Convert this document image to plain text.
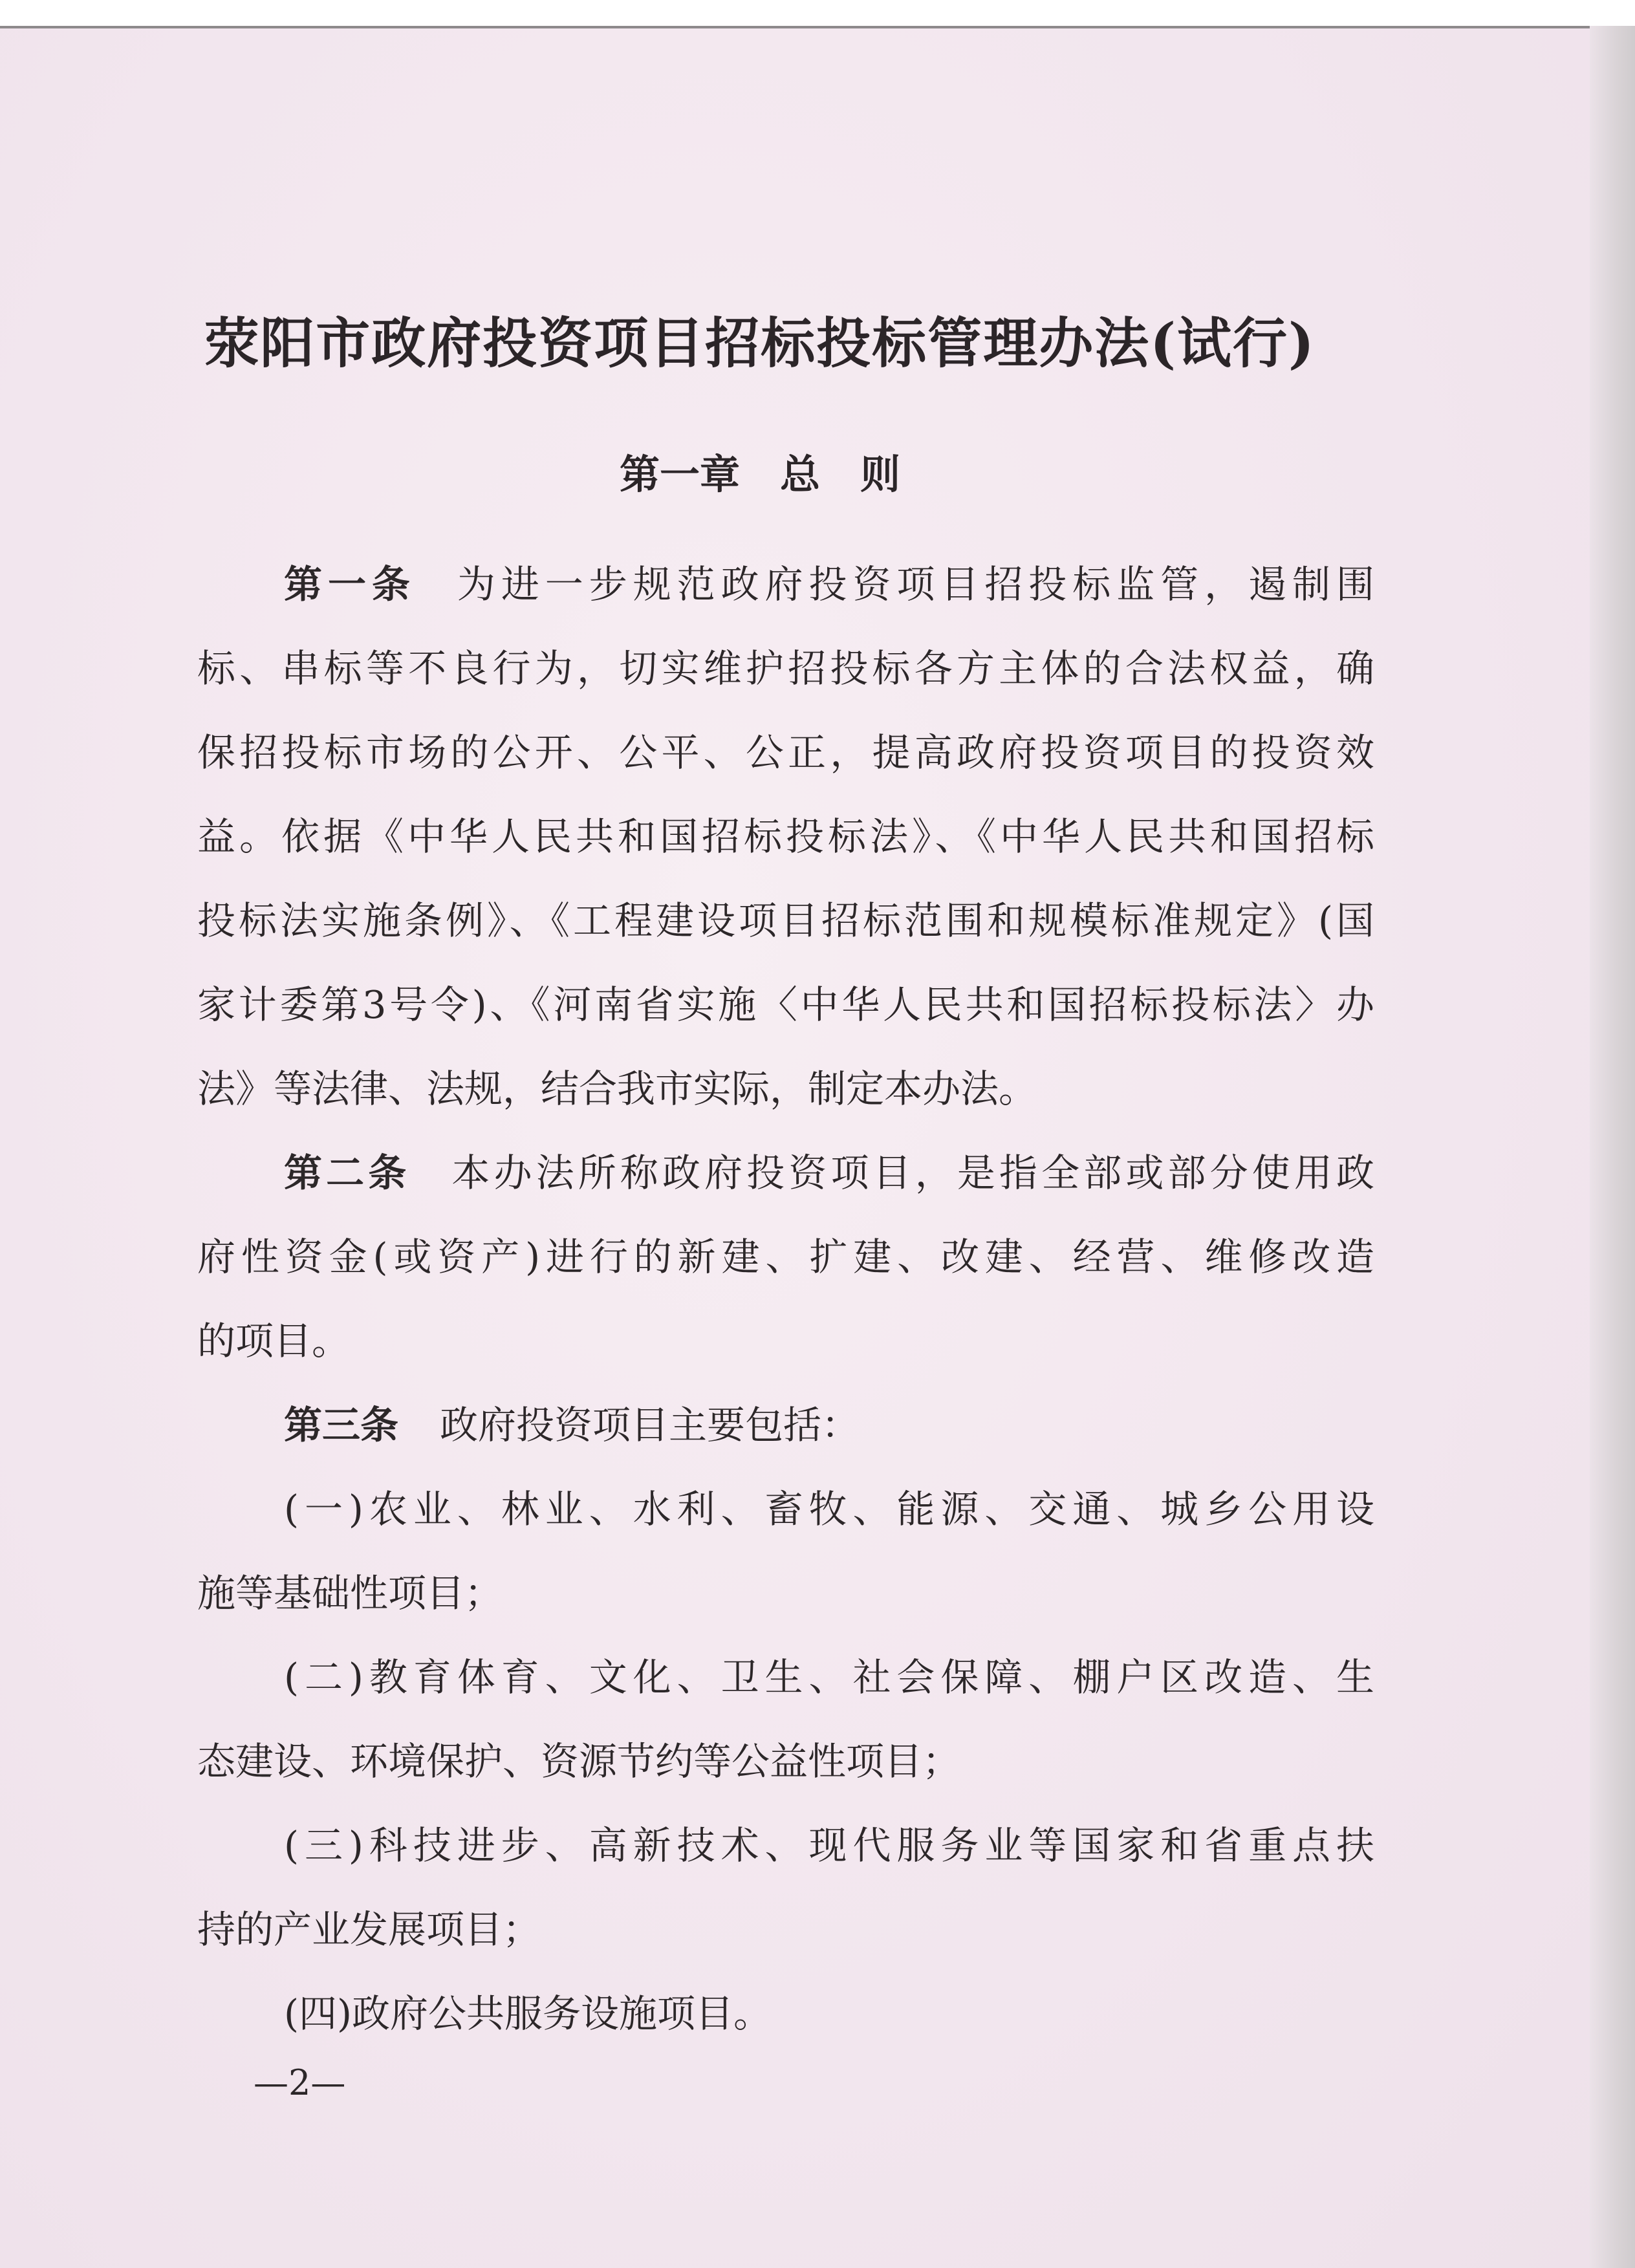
荥阳市政府投资项目招标投标管理办法(试行)
第一章　总　则
第一条 为进一步规范政府投资项目招投标监管，遏制围
标、串标等不良行为，切实维护招投标各方主体的合法权益，确
保招投标市场的公开、公平、公正，提高政府投资项目的投资效
益。依据《中华人民共和国招标投标法》、《中华人民共和国招标
投标法实施条例》、《工程建设项目招标范围和规模标准规定》(国
家计委第3号令)、《河南省实施〈中华人民共和国招标投标法〉办
法》等法律、法规，结合我市实际，制定本办法。
第二条 本办法所称政府投资项目，是指全部或部分使用政
府性资金(或资产)进行的新建、扩建、改建、经营、维修改造
的项目。
第三条 政府投资项目主要包括：
(一)农业、林业、水利、畜牧、能源、交通、城乡公用设
施等基础性项目；
(二)教育体育、文化、卫生、社会保障、棚户区改造、生
态建设、环境保护、资源节约等公益性项目；
(三)科技进步、高新技术、现代服务业等国家和省重点扶
持的产业发展项目；
(四)政府公共服务设施项目。

—2—
